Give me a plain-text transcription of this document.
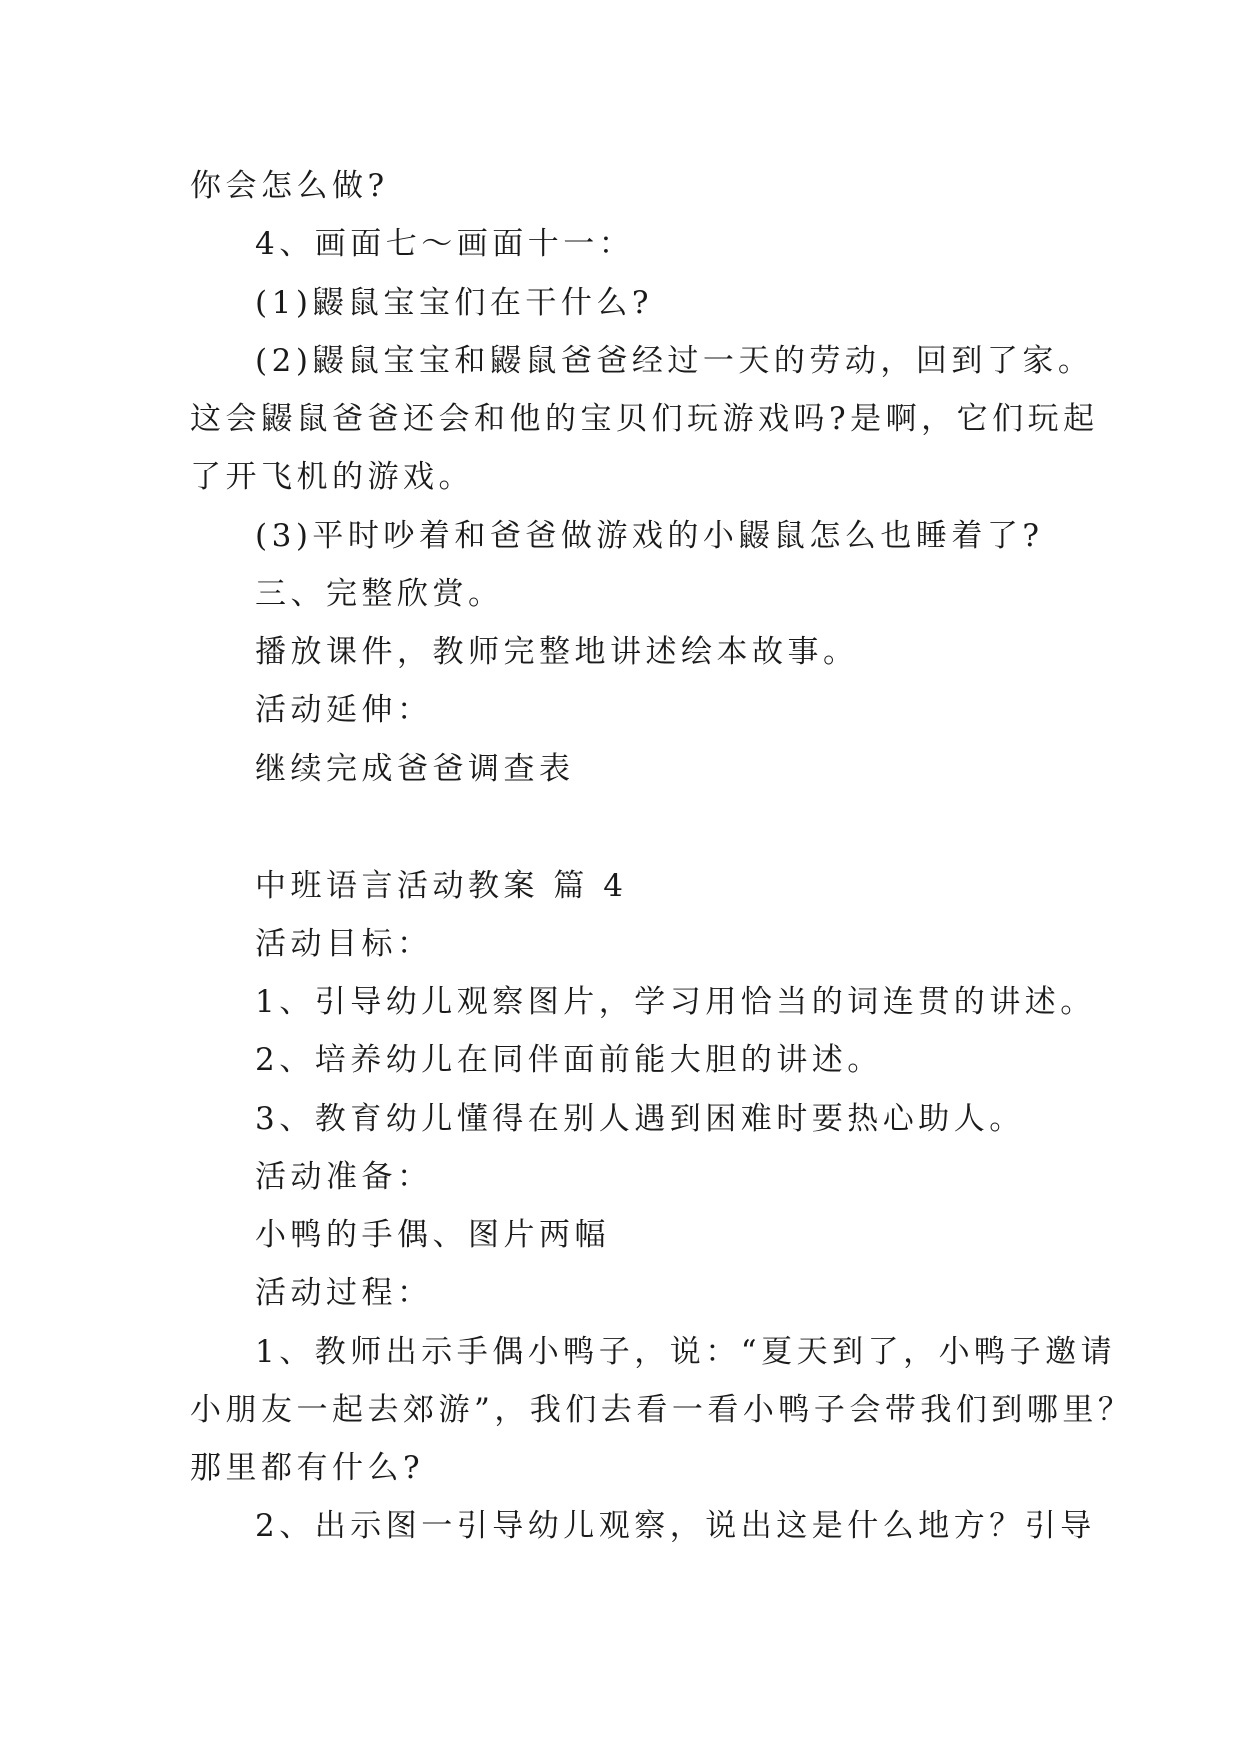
你会怎么做?
4、画面七～画面十一：
(1)鼹鼠宝宝们在干什么?
(2)鼹鼠宝宝和鼹鼠爸爸经过一天的劳动，回到了家。
这会鼹鼠爸爸还会和他的宝贝们玩游戏吗?是啊，它们玩起
了开飞机的游戏。
(3)平时吵着和爸爸做游戏的小鼹鼠怎么也睡着了?
三、完整欣赏。
播放课件，教师完整地讲述绘本故事。
活动延伸：
继续完成爸爸调查表
中班语言活动教案 篇 4
活动目标：
1、引导幼儿观察图片，学习用恰当的词连贯的讲述。
2、培养幼儿在同伴面前能大胆的讲述。
3、教育幼儿懂得在别人遇到困难时要热心助人。
活动准备：
小鸭的手偶、图片两幅
活动过程：
1、教师出示手偶小鸭子，说：“夏天到了，小鸭子邀请
小朋友一起去郊游”，我们去看一看小鸭子会带我们到哪里？
那里都有什么?
2、出示图一引导幼儿观察，说出这是什么地方？引导
